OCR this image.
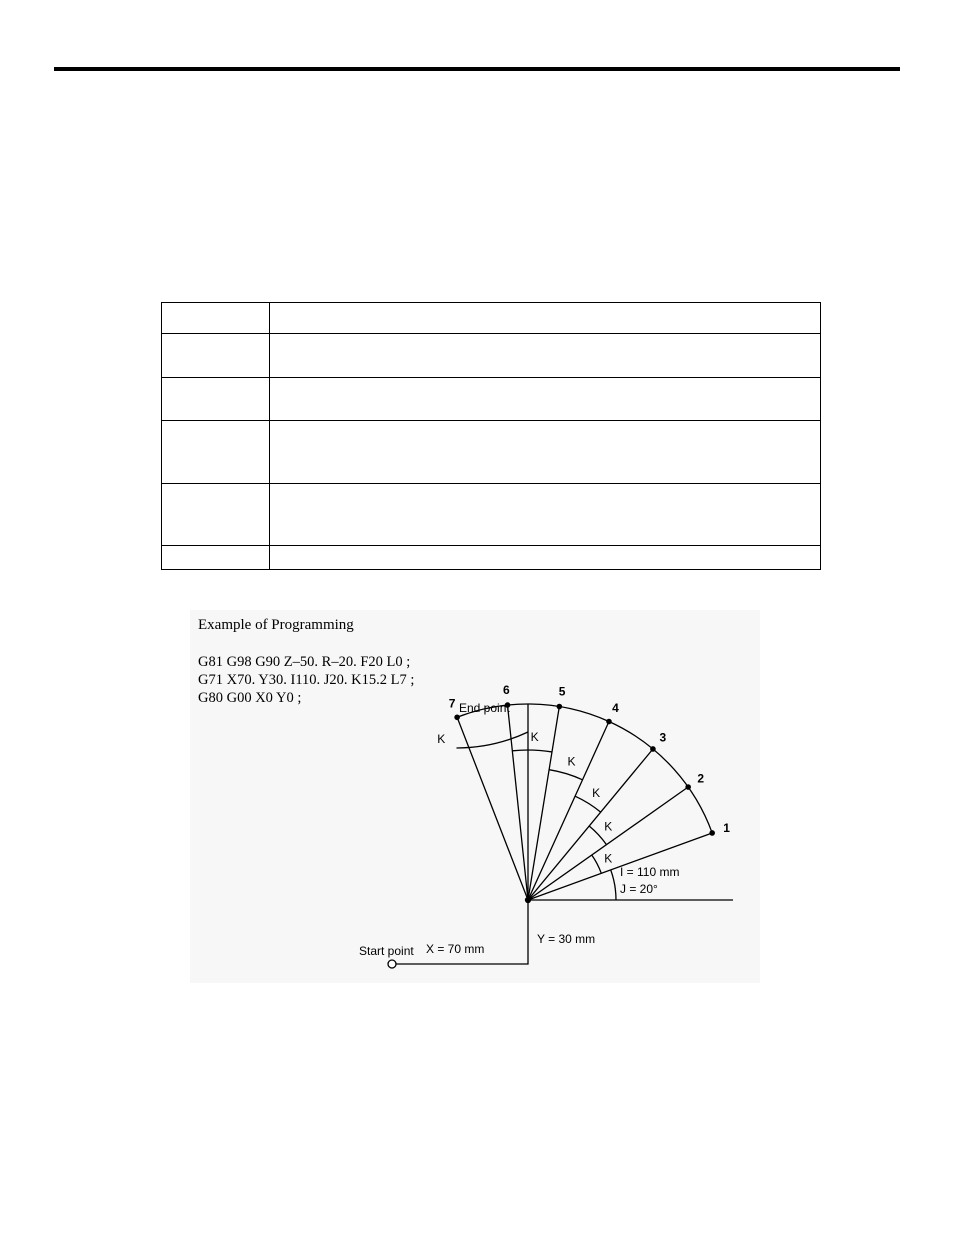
Example of Programming
G81 G98 G90 Z–50. R–20. F20 L0 ;
G71 X70. Y30. I110. J20. K15.2 L7 ;
G80 G00 X0 Y0 ;
End point
Start point X = 70 mm
Y = 30 mm
I = 110 mm
J = 20°
1
2
3
4
5
6
7
K
K
K
K
K
K
